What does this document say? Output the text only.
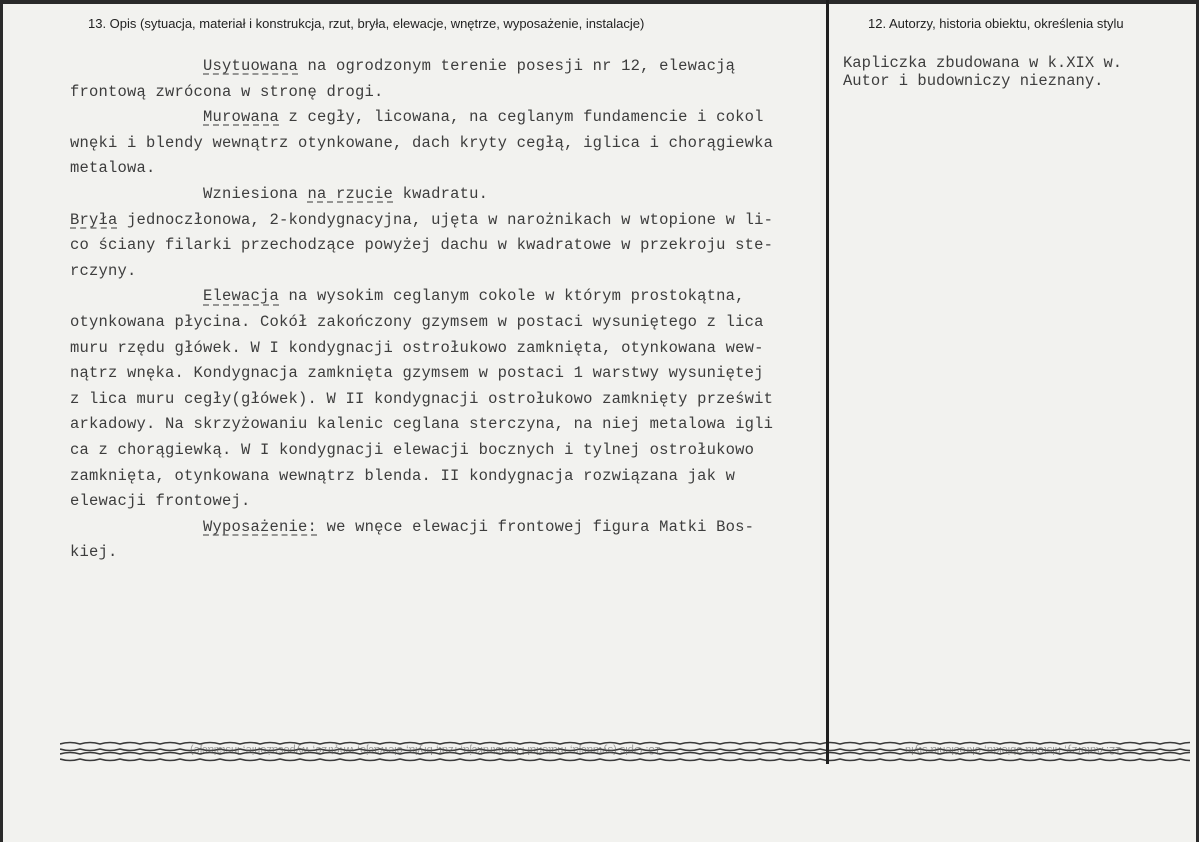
13. Opis (sytuacja, materiał i konstrukcja, rzut, bryła, elewacje, wnętrze, wyposażenie, instalacje)	12. Autorzy, historia obiektu, określenia stylu
Usytuowana na ogrodzonym terenie posesji nr 12, elewacją
frontową zwrócona w stronę drogi.
Murowana z cegły, licowana, na ceglanym fundamencie i cokol
wnęki i blendy wewnątrz otynkowane, dach kryty cegłą, iglica i chorągiewka
metalowa.
Wzniesiona na rzucie kwadratu.
Bryła jednoczłonowa, 2-kondygnacyjna, ujęta w narożnikach w wtopione w li-
co ściany filarki przechodzące powyżej dachu w kwadratowe w przekroju ste-
rczyny.
Elewacja na wysokim ceglanym cokole w którym prostokątna,
otynkowana płycina. Cokół zakończony gzymsem w postaci wysuniętego z lica
muru rzędu główek. W I kondygnacji ostrołukowo zamknięta, otynkowana wew-
nątrz wnęka. Kondygnacja zamknięta gzymsem w postaci 1 warstwy wysuniętej
z lica muru cegły(główek). W II kondygnacji ostrołukowo zamknięty prześwit
arkadowy. Na skrzyżowaniu kalenic ceglana sterczyna, na niej metalowa igli
ca z chorągiewką. W I kondygnacji elewacji bocznych i tylnej ostrołukowo
zamknięta, otynkowana wewnątrz blenda. II kondygnacja rozwiązana jak w
elewacji frontowej.
Wyposażenie: we wnęce elewacji frontowej figura Matki Bos-
kiej.
Kapliczka zbudowana w k.XIX w.
Autor i budowniczy nieznany.
13. Opis (sytuacja, materiał i konstrukcja, rzut, bryła, elewacje, wnętrze, wyposażenie, instalacje)	12. Autorzy, historia obiektu, określenia stylu
